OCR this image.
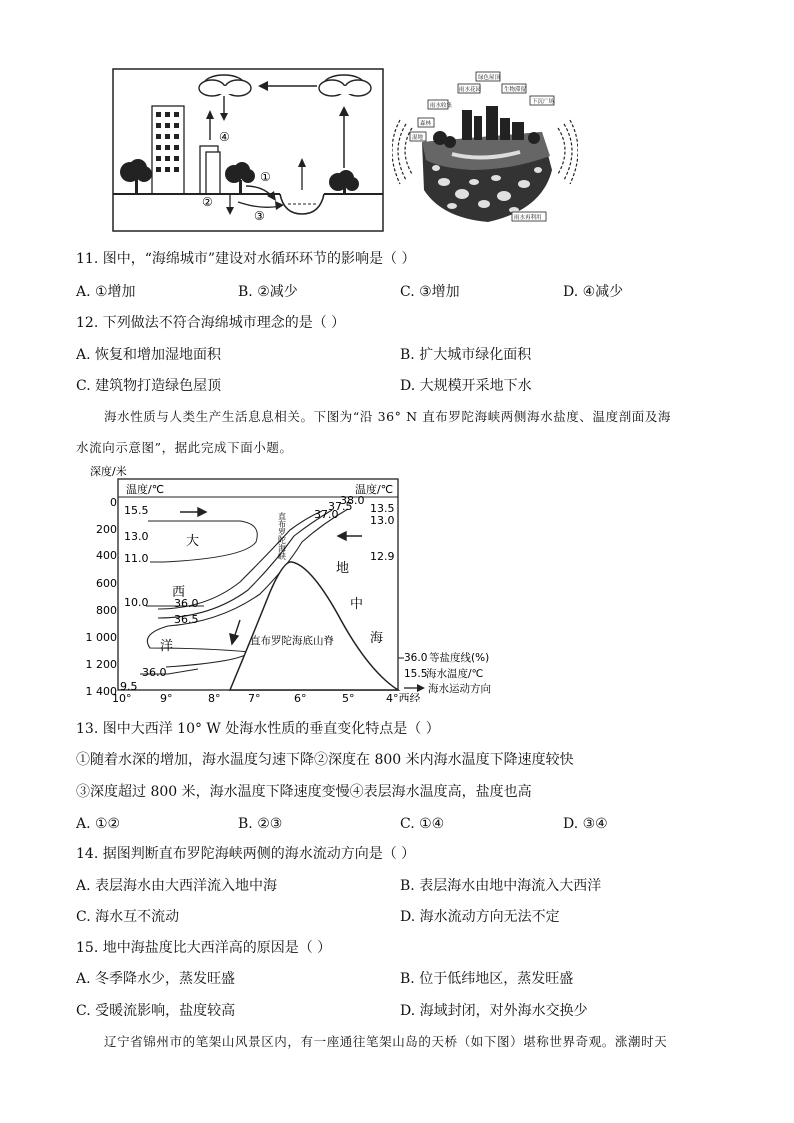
④
①
②
③
绿色屋顶
生物滞留
雨水花园
下沉广场
雨水收集
森林
湿地
雨水再利用
11. 图中，“海绵城市”建设对水循环环节的影响是（ ）
A. ①增加	B. ②减少	C. ③增加	D. ④减少
12. 下列做法不符合海绵城市理念的是（ ）
A. 恢复和增加湿地面积	B. 扩大城市绿化面积
C. 建筑物打造绿色屋顶	D. 大规模开采地下水
海水性质与人类生产生活息息相关。下图为“沿 36° N 直布罗陀海峡两侧海水盐度、温度剖面及海
水流向示意图”，据此完成下面小题。
深度/米
0
200
400
600
800
1 000
1 200
1 400
10°	9°	8°	7°	6°	5°	4°西经
温度/℃	温度/℃
15.5
13.0
11.0
10.0
9.5
13.5
13.0
12.9
36.0
36.5
36.0
37.0
37.5
38.0
直布罗陀海底山脊
直布罗陀海峡
大
西
洋
地
中
海
36.0 等盐度线(%)
15.5
海水温度/℃
海水运动方向
13. 图中大西洋 10° W 处海水性质的垂直变化特点是（ ）
①随着水深的增加，海水温度匀速下降②深度在 800 米内海水温度下降速度较快
③深度超过 800 米，海水温度下降速度变慢④表层海水温度高，盐度也高
A. ①②	B. ②③	C. ①④	D. ③④
14. 据图判断直布罗陀海峡两侧的海水流动方向是（ ）
A. 表层海水由大西洋流入地中海	B. 表层海水由地中海流入大西洋
C. 海水互不流动	D. 海水流动方向无法不定
15. 地中海盐度比大西洋高的原因是（ ）
A. 冬季降水少，蒸发旺盛	B. 位于低纬地区，蒸发旺盛
C. 受暖流影响，盐度较高	D. 海域封闭，对外海水交换少
辽宁省锦州市的笔架山风景区内，有一座通往笔架山岛的天桥（如下图）堪称世界奇观。涨潮时天
